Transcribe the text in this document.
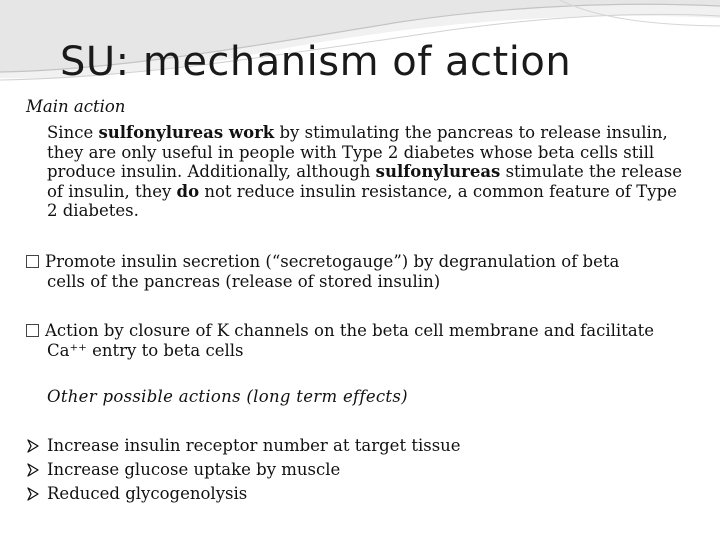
SU: mechanism of action

Main action

Since sulfonylureas work by stimulating the pancreas to release insulin, they are only useful in people with Type 2 diabetes whose beta cells still produce insulin. Additionally, although sulfonylureas stimulate the release of insulin, they do not reduce insulin resistance, a common feature of Type 2 diabetes.

Promote insulin secretion (“secretogauge”) by degranulation of beta
cells of the pancreas (release of stored insulin)

Action by closure of K channels on the beta cell membrane and facilitate
Ca⁺⁺ entry to beta cells

Other possible actions (long term effects)

Increase insulin receptor number at target tissue
Increase glucose uptake by muscle
Reduced glycogenolysis
